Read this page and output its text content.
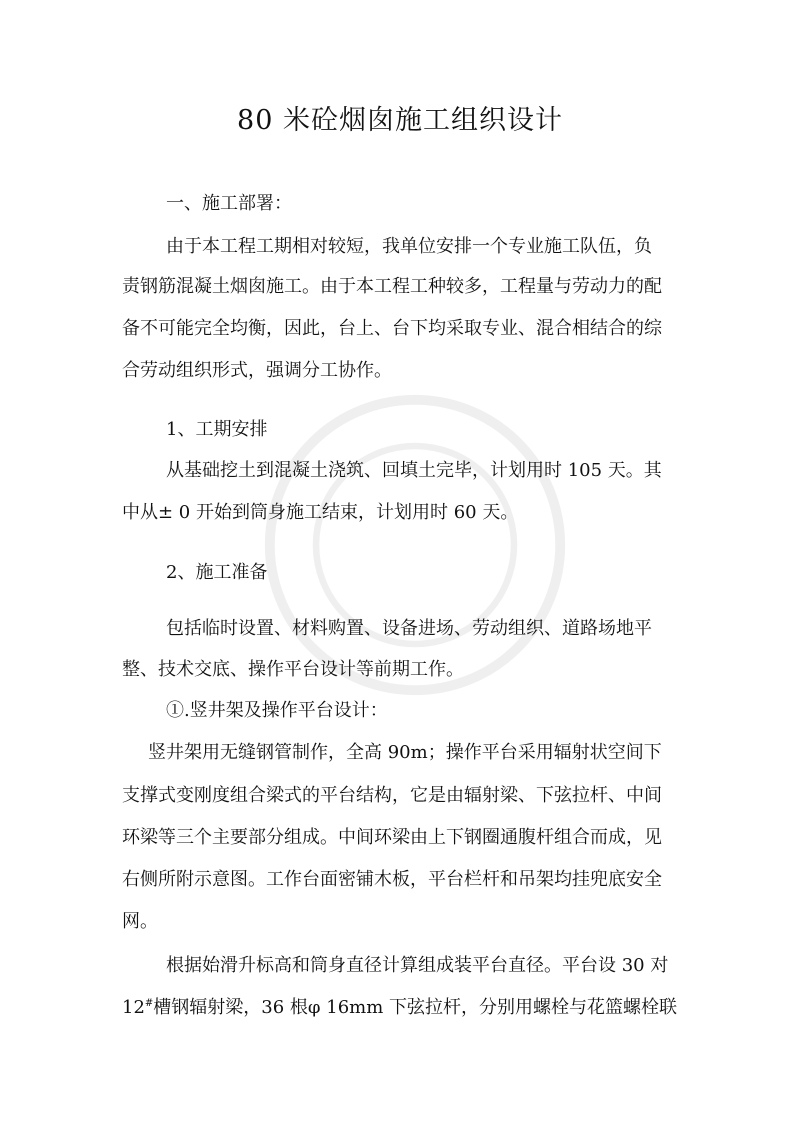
80 米砼烟囱施工组织设计
一、施工部署：
由于本工程工期相对较短，我单位安排一个专业施工队伍，负
责钢筋混凝土烟囱施工。由于本工程工种较多，工程量与劳动力的配
备不可能完全均衡，因此，台上、台下均采取专业、混合相结合的综
合劳动组织形式，强调分工协作。
1、工期安排
从基础挖土到混凝土浇筑、回填土完毕，计划用时 105 天。其
中从± 0 开始到筒身施工结束，计划用时 60 天。
2、施工准备
包括临时设置、材料购置、设备进场、劳动组织、道路场地平
整、技术交底、操作平台设计等前期工作。
①.竖井架及操作平台设计：
竖井架用无缝钢管制作，全高 90m；操作平台采用辐射状空间下
支撑式变刚度组合梁式的平台结构，它是由辐射梁、下弦拉杆、中间
环梁等三个主要部分组成。中间环梁由上下钢圈通腹杆组合而成，见
右侧所附示意图。工作台面密铺木板，平台栏杆和吊架均挂兜底安全
网。
根据始滑升标高和筒身直径计算组成装平台直径。平台设 30 对
12#槽钢辐射梁，36 根φ 16mm 下弦拉杆，分别用螺栓与花篮螺栓联
